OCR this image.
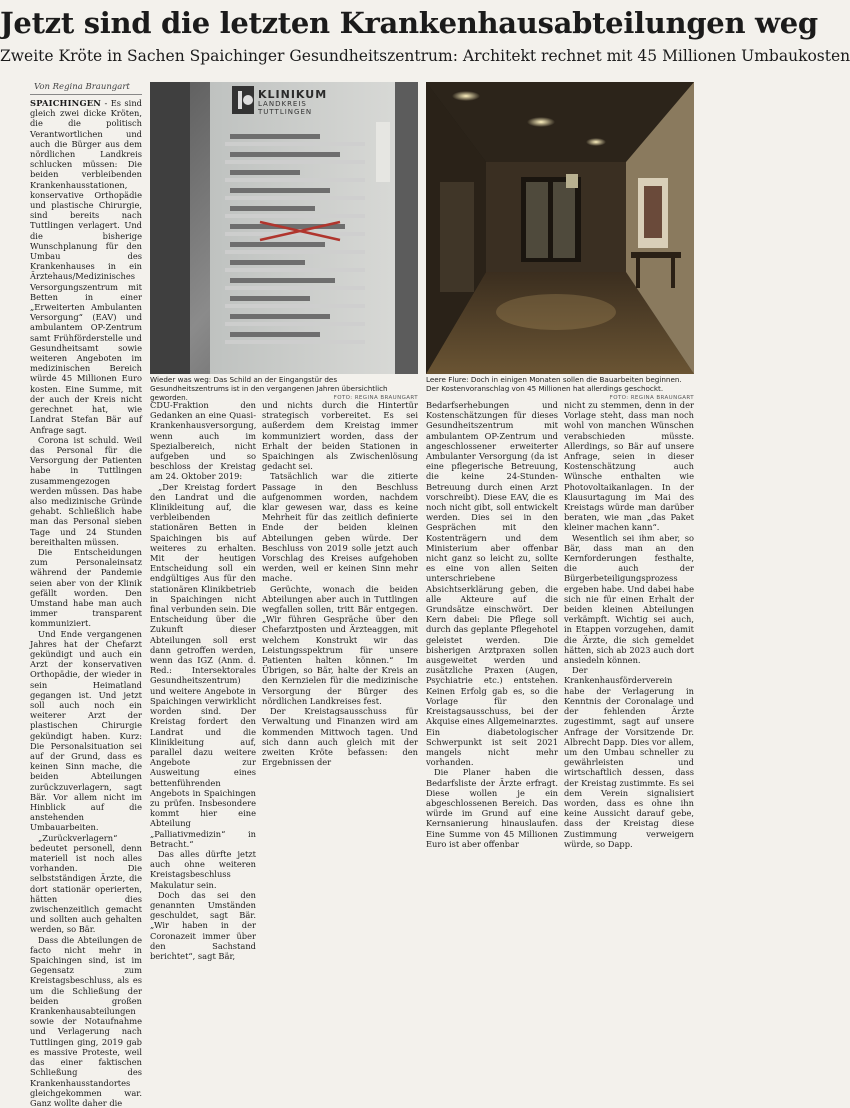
Jetzt sind die letzten Krankenhausabteilungen weg
Zweite Kröte in Sachen Spaichinger Gesundheitszentrum: Architekt rechnet mit 45 Millionen Umbaukosten
Von Regina Braungart

SPAICHINGEN - Es sind gleich zwei dicke Kröten, die die politisch Verantwortlichen und auch die Bürger aus dem nördlichen Landkreis schlucken müssen: Die beiden verbleibenden Krankenhausstationen, konservative Orthopädie und plastische Chirurgie, sind bereits nach Tuttlingen verlagert. Und die bisherige Wunschplanung für den Umbau des Krankenhauses in ein Ärztehaus/Medizinisches Versorgungszentrum mit Betten in einer „Erweiterten Ambulanten Versorgung“ (EAV) und ambulantem OP-Zentrum samt Frühförderstelle und Gesundheitsamt sowie weiteren Angeboten im medizinischen Bereich würde 45 Millionen Euro kosten. Eine Summe, mit der auch der Kreis nicht gerechnet hat, wie Landrat Stefan Bär auf Anfrage sagt.

Corona ist schuld. Weil das Personal für die Versorgung der Patienten habe in Tuttlingen zusammengezogen werden müssen. Das habe also medizinische Gründe gehabt. Schließlich habe man das Personal sieben Tage und 24 Stunden bereithalten müssen.

Die Entscheidungen zum Personaleinsatz während der Pandemie seien aber von der Klinik gefällt worden. Den Umstand habe man auch immer transparent kommuniziert.

Und Ende vergangenen Jahres hat der Chefarzt gekündigt und auch ein Arzt der konservativen Orthopädie, der wieder in sein Heimatland gegangen ist. Und jetzt soll auch noch ein weiterer Arzt der plastischen Chirurgie gekündigt haben. Kurz: Die Personalsituation sei auf der Grund, dass es keinen Sinn mache, die beiden Abteilungen zurückzuverlagern, sagt Bär. Vor allem nicht im Hinblick auf die anstehenden Umbauarbeiten.

„Zurückverlagern“ bedeutet personell, denn materiell ist noch alles vorhanden. Die selbstständigen Ärzte, die dort stationär operierten, hätten dies zwischenzeitlich gemacht und sollten auch gehalten werden, so Bär.

Dass die Abteilungen de facto nicht mehr in Spaichingen sind, ist im Gegensatz zum Kreistagsbeschluss, als es um die Schließung der beiden großen Krankenhausabteilungen sowie der Notaufnahme und Verlagerung nach Tuttlingen ging, 2019 gab es massive Proteste, weil das einer faktischen Schließung des Krankenhausstandortes gleichgekommen war. Ganz wollte daher die

KLINIKUM
LANDKREIS
TUTTLINGEN
Wieder was weg: Das Schild an der Eingangstür des Gesundheitszentrums ist in den vergangenen Jahren übersichtlich geworden.	FOTO: REGINA BRAUNGART
Leere Flure: Doch in einigen Monaten sollen die Bauarbeiten beginnen. Der Kostenvoranschlag von 45 Millionen hat allerdings geschockt.
FOTO: REGINA BRAUNGART

CDU-Fraktion den Gedanken an eine Quasi-Krankenhausversorgung, wenn auch im Spezialbereich, nicht aufgeben und so beschloss der Kreistag am 24. Oktober 2019:

„Der Kreistag fordert den Landrat und die Klinikleitung auf, die verbleibenden stationären Betten in Spaichingen bis auf weiteres zu erhalten. Mit der heutigen Entscheidung soll ein endgültiges Aus für den stationären Klinikbetrieb in Spaichingen nicht final verbunden sein. Die Entscheidung über die Zukunft dieser Abteilungen soll erst dann getroffen werden, wenn das IGZ (Anm. d. Red.: Intersektorales Gesundheitszentrum) und weitere Angebote in Spaichingen verwirklicht worden sind. Der Kreistag fordert den Landrat und die Klinikleitung auf, parallel dazu weitere Angebote zur Ausweitung eines bettenführenden Angebots in Spaichingen zu prüfen. Insbesondere kommt hier eine Abteilung „Palliativmedizin“ in Betracht.“

Das alles dürfte jetzt auch ohne weiteren Kreistagsbeschluss Makulatur sein.

Doch das sei den genannten Umständen geschuldet, sagt Bär. „Wir haben in der Coronazeit immer über den Sachstand berichtet“, sagt Bär,

und nichts durch die Hintertür strategisch vorbereitet. Es sei außerdem dem Kreistag immer kommuniziert worden, dass der Erhalt der beiden Stationen in Spaichingen als Zwischenlösung gedacht sei.

Tatsächlich war die zitierte Passage in den Beschluss aufgenommen worden, nachdem klar gewesen war, dass es keine Mehrheit für das zeitlich definierte Ende der beiden kleinen Abteilungen geben würde. Der Beschluss von 2019 solle jetzt auch Vorschlag des Kreises aufgehoben werden, weil er keinen Sinn mehr mache.

Gerüchte, wonach die beiden Abteilungen aber auch in Tuttlingen wegfallen sollen, tritt Bär entgegen. „Wir führen Gespräche über den Chefarztposten und Ärzteaggen, mit welchem Konstrukt wir das Leistungsspektrum für unsere Patienten halten können.“ Im Übrigen, so Bär, halte der Kreis an den Kernzielen für die medizinische Versorgung der Bürger des nördlichen Landkreises fest.

Der Kreistagsausschuss für Verwaltung und Finanzen wird am kommenden Mittwoch tagen. Und sich dann auch gleich mit der zweiten Kröte befassen: den Ergebnissen der

Bedarfserhebungen und Kostenschätzungen für dieses Gesundheitszentrum mit ambulantem OP-Zentrum und angeschlossener erweiterter Ambulanter Versorgung (da ist eine pflegerische Betreuung, die keine 24-Stunden-Betreuung durch einen Arzt vorschreibt). Diese EAV, die es noch nicht gibt, soll entwickelt werden. Dies sei in den Gesprächen mit den Kostenträgern und dem Ministerium aber offenbar nicht ganz so leicht zu, sollte es eine von allen Seiten unterschriebene Absichtserklärung geben, die alle Akteure auf die Grundsätze einschwört. Der Kern dabei: Die Pflege soll durch das geplante Pflegehotel geleistet werden. Die bisherigen Arztpraxen sollen ausgeweitet werden und zusätzliche Praxen (Augen, Psychiatrie etc.) entstehen. Keinen Erfolg gab es, so die Vorlage für den Kreistagsausschuss, bei der Akquise eines Allgemeinarztes. Ein diabetologischer Schwerpunkt ist seit 2021 mangels nicht mehr vorhanden.

Die Planer haben die Bedarfsliste der Ärzte erfragt. Diese wollen je ein abgeschlossenen Bereich. Das würde im Grund auf eine Kernsanierung hinauslaufen. Eine Summe von 45 Millionen Euro ist aber offenbar

nicht zu stemmen, denn in der Vorlage steht, dass man noch wohl von manchen Wünschen verabschieden müsste. Allerdings, so Bär auf unsere Anfrage, seien in dieser Kostenschätzung auch Wünsche enthalten wie Photovoltaikanlagen. In der Klausurtagung im Mai des Kreistags würde man darüber beraten, wie man „das Paket kleiner machen kann“.

Wesentlich sei ihm aber, so Bär, dass man an den Kernforderungen festhalte, die auch der Bürgerbeteiligungsprozess ergeben habe. Und dabei habe sich nie für einen Erhalt der beiden kleinen Abteilungen verkämpft. Wichtig sei auch, in Etappen vorzugehen, damit die Ärzte, die sich gemeldet hätten, sich ab 2023 auch dort ansiedeln können.

Der Krankenhausförderverein habe der Verlagerung in Kenntnis der Coronalage und der fehlenden Ärzte zugestimmt, sagt auf unsere Anfrage der Vorsitzende Dr. Albrecht Dapp. Dies vor allem, um den Umbau schneller zu gewährleisten und wirtschaftlich dessen, dass der Kreistag zustimmte. Es sei dem Verein signalisiert worden, dass es ohne ihn keine Aussicht darauf gebe, dass der Kreistag diese Zustimmung verweigern würde, so Dapp.
